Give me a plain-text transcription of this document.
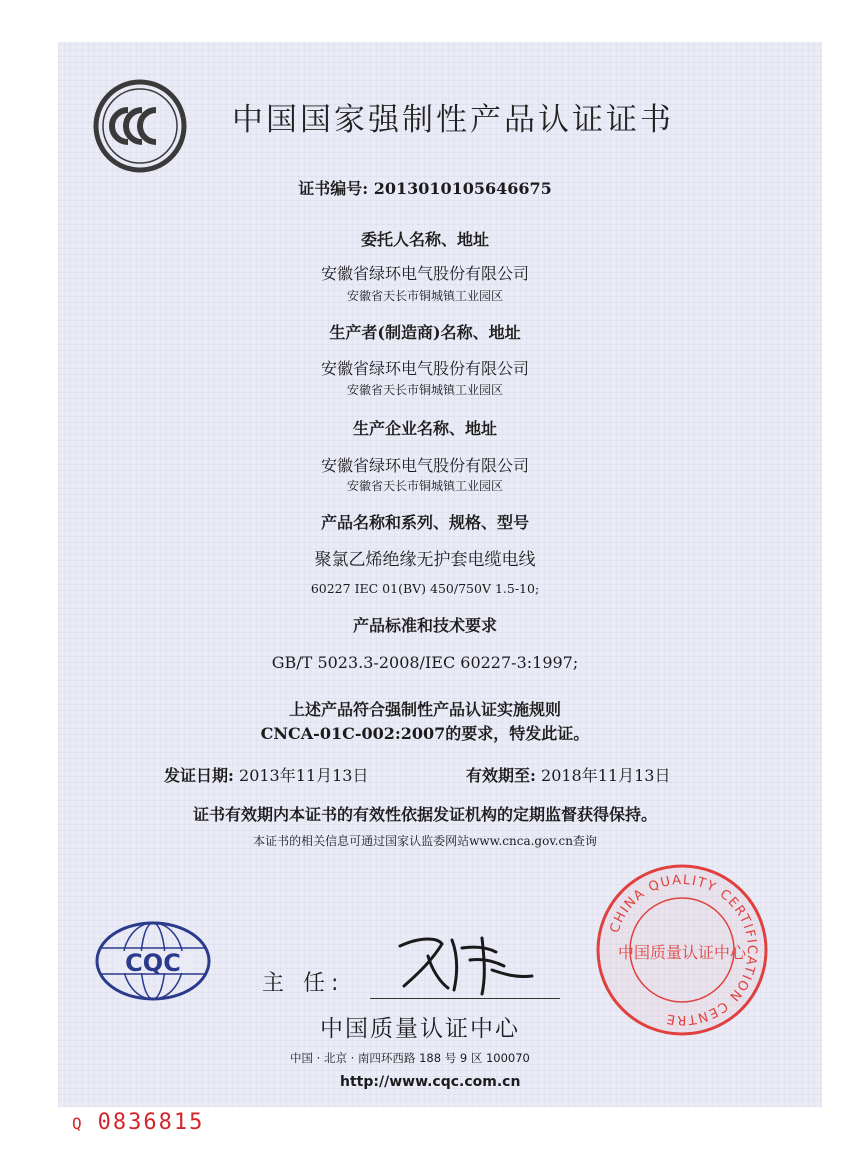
中国国家强制性产品认证证书
证书编号: 2013010105646675
委托人名称、地址
安徽省绿环电气股份有限公司
安徽省天长市铜城镇工业园区
生产者(制造商)名称、地址
安徽省绿环电气股份有限公司
安徽省天长市铜城镇工业园区
生产企业名称、地址
安徽省绿环电气股份有限公司
安徽省天长市铜城镇工业园区
产品名称和系列、规格、型号
聚氯乙烯绝缘无护套电缆电线
60227 IEC 01(BV) 450/750V 1.5-10;
产品标准和技术要求
GB/T 5023.3-2008/IEC 60227-3:1997;
上述产品符合强制性产品认证实施规则
CNCA-01C-002:2007的要求，特发此证。
发证日期: 2013年11月13日	有效期至: 2018年11月13日
证书有效期内本证书的有效性依据发证机构的定期监督获得保持。
本证书的相关信息可通过国家认监委网站www.cnca.gov.cn查询
CQC
主 任:
中国质量认证中心
中国 · 北京 · 南四环西路 188 号 9 区 100070
http://www.cqc.com.cn
CHINA QUALITY CERTIFICATION CENTRE
中国质量认证中心
Q 0836815
